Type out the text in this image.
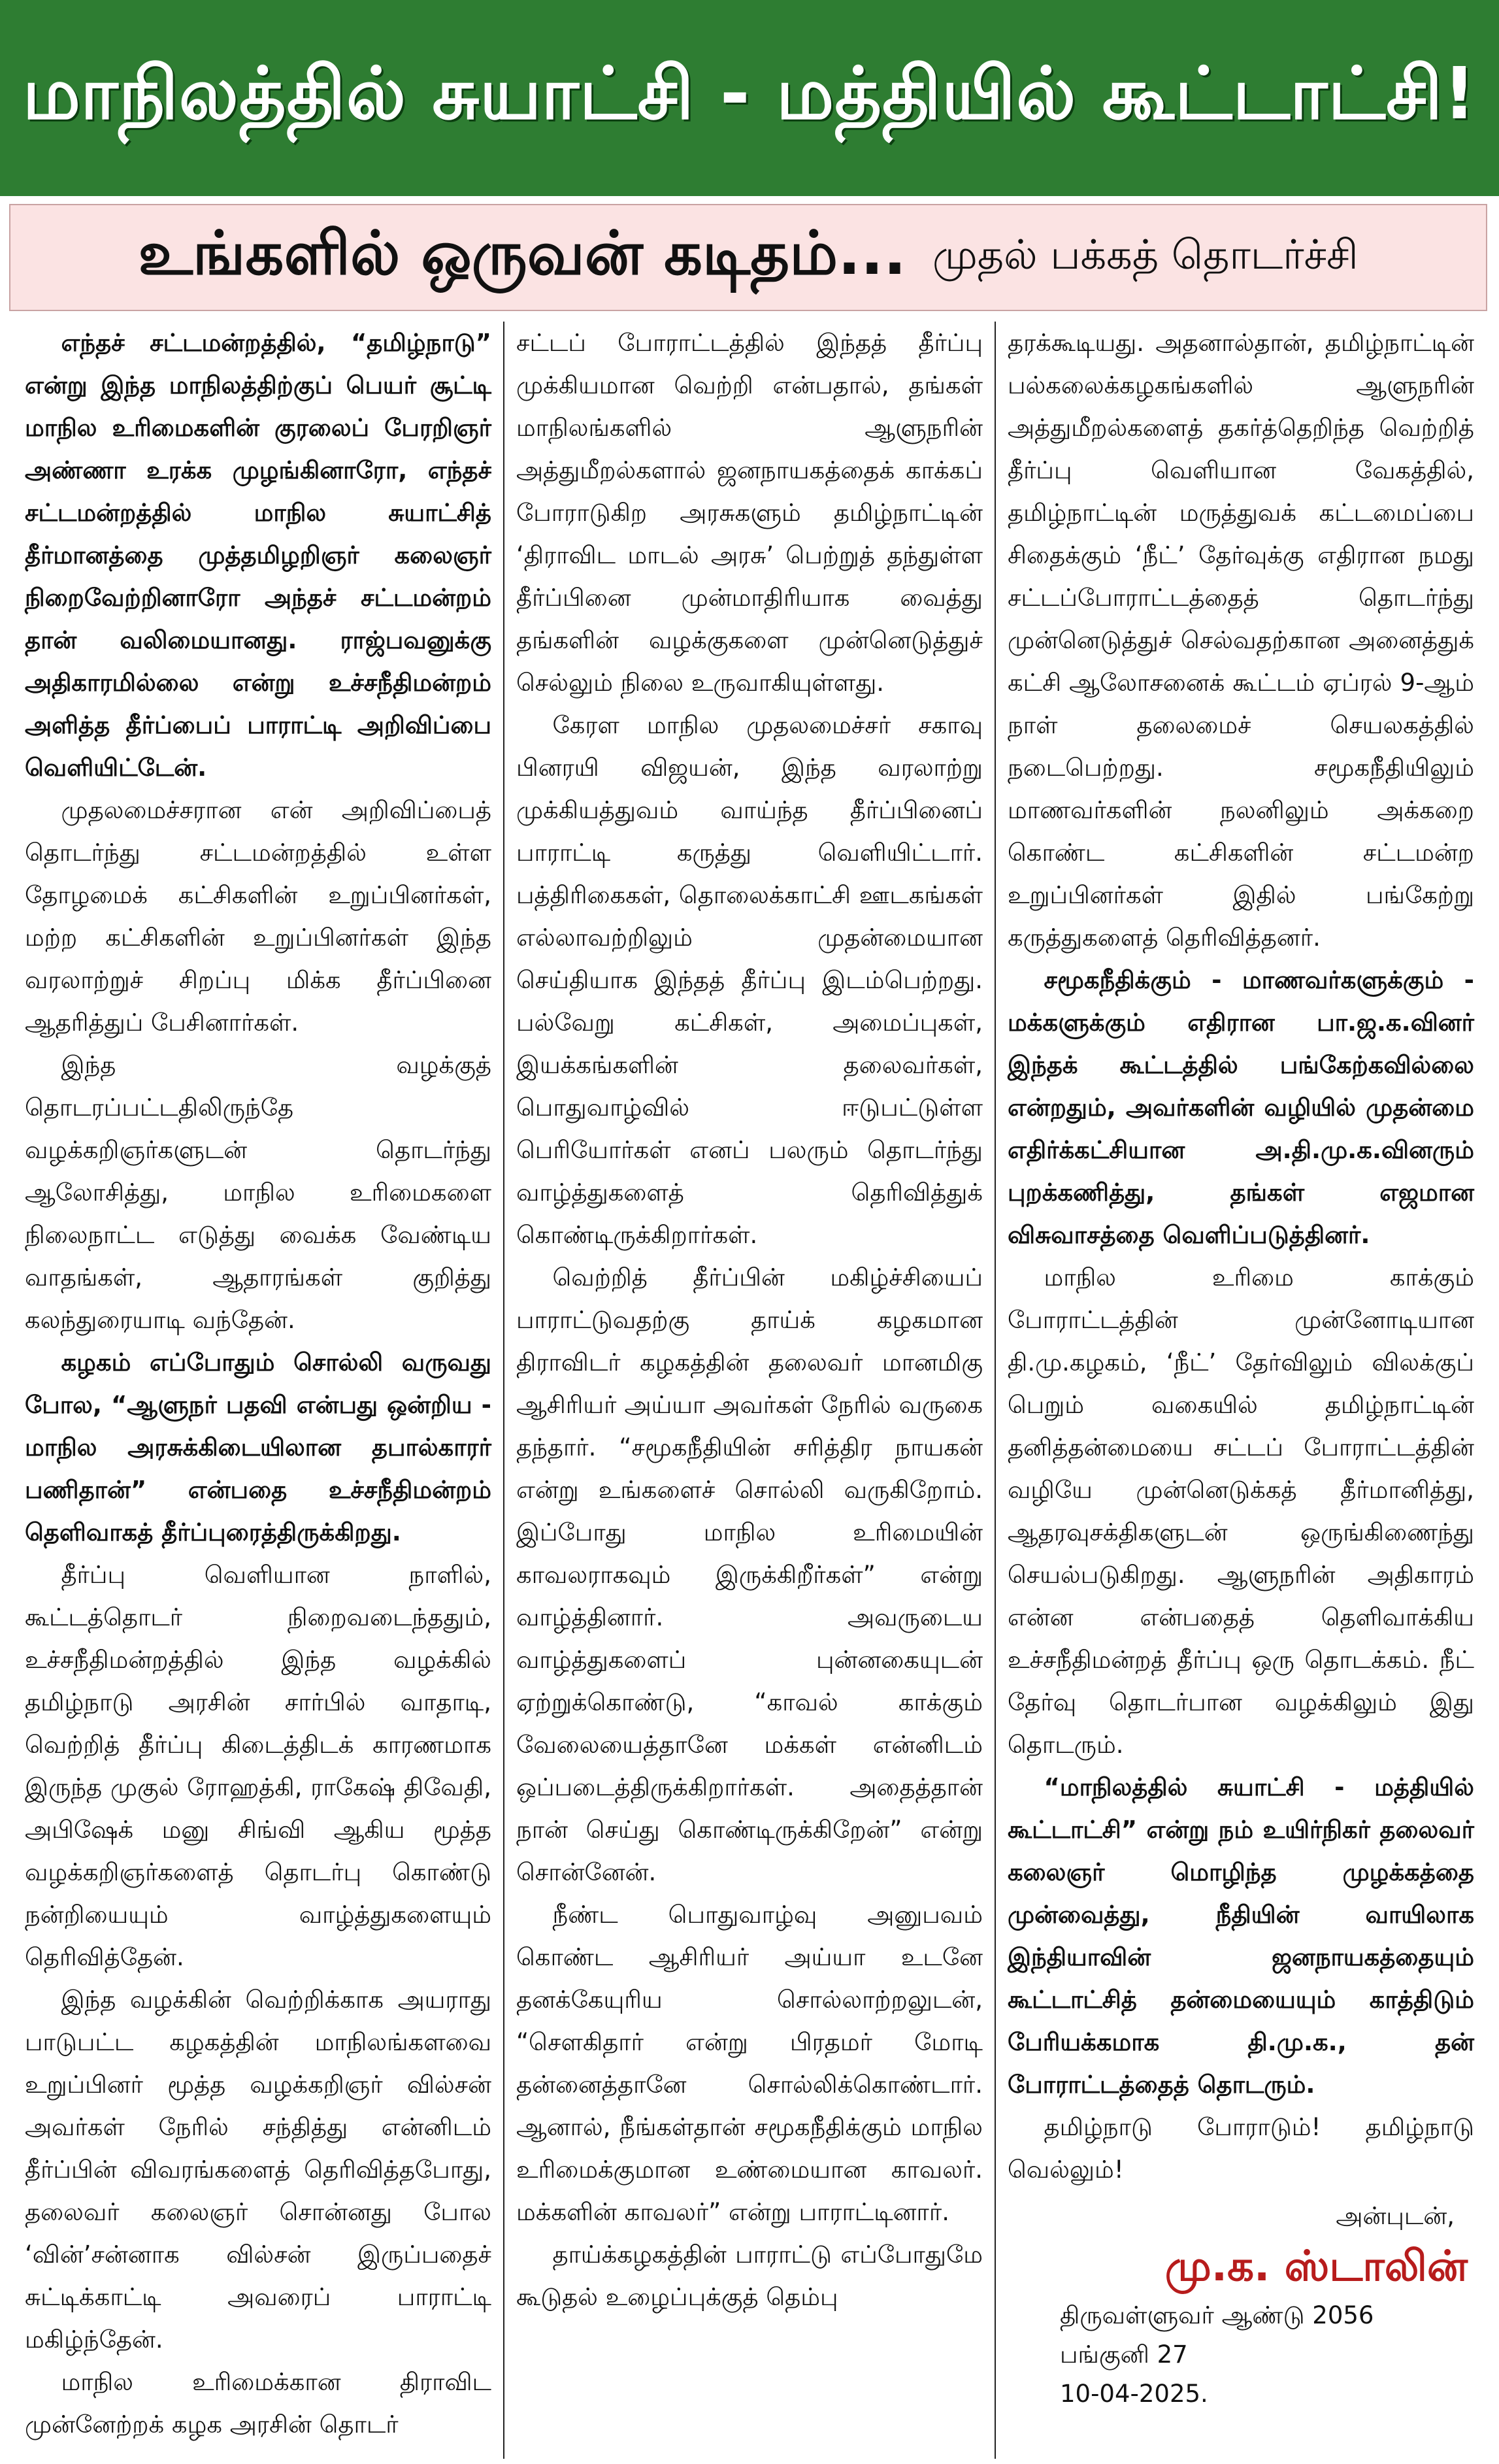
மாநிலத்தில் சுயாட்சி - மத்தியில் கூட்டாட்சி!
உங்களில் ஒருவன் கடிதம்... முதல் பக்கத் தொடர்ச்சி

எந்தச் சட்டமன்றத்தில், “தமிழ்நாடு” என்று இந்த மாநிலத்திற்குப் பெயர் சூட்டி மாநில உரிமைகளின் குரலைப் பேரறிஞர் அண்ணா உரக்க முழங்கினாரோ, எந்தச் சட்டமன்றத்தில் மாநில சுயாட்சித் தீர்மானத்தை முத்தமிழறிஞர் கலைஞர் நிறைவேற்றினாரோ அந்தச் சட்டமன்றம் தான் வலிமையானது. ராஜ்பவனுக்கு அதிகாரமில்லை என்று உச்சநீதிமன்றம் அளித்த தீர்ப்பைப் பாராட்டி அறிவிப்பை வெளியிட்டேன்.

முதலமைச்சரான என் அறிவிப்பைத் தொடர்ந்து சட்டமன்றத்தில் உள்ள தோழமைக் கட்சிகளின் உறுப்பினர்கள், மற்ற கட்சிகளின் உறுப்பினர்கள் இந்த வரலாற்றுச் சிறப்பு மிக்க தீர்ப்பினை ஆதரித்துப் பேசினார்கள்.

இந்த வழக்குத் தொடரப்பட்டதிலிருந்தே வழக்கறிஞர்களுடன் தொடர்ந்து ஆலோசித்து, மாநில உரிமைகளை நிலைநாட்ட எடுத்து வைக்க வேண்டிய வாதங்கள், ஆதாரங்கள் குறித்து கலந்துரையாடி வந்தேன்.

கழகம் எப்போதும் சொல்லி வருவது போல, “ஆளுநர் பதவி என்பது ஒன்றிய - மாநில அரசுக்கிடையிலான தபால்காரர் பணிதான்” என்பதை உச்சநீதிமன்றம் தெளிவாகத் தீர்ப்புரைத்திருக்கிறது.

தீர்ப்பு வெளியான நாளில், கூட்டத்தொடர் நிறைவடைந்ததும், உச்சநீதிமன்றத்தில் இந்த வழக்கில் தமிழ்நாடு அரசின் சார்பில் வாதாடி, வெற்றித் தீர்ப்பு கிடைத்திடக் காரணமாக இருந்த முகுல் ரோஹத்கி, ராகேஷ் திவேதி, அபிஷேக் மனு சிங்வி ஆகிய மூத்த வழக்கறிஞர்களைத் தொடர்பு கொண்டு நன்றியையும் வாழ்த்துகளையும் தெரிவித்தேன்.

இந்த வழக்கின் வெற்றிக்காக அயராது பாடுபட்ட கழகத்தின் மாநிலங்களவை உறுப்பினர் மூத்த வழக்கறிஞர் வில்சன் அவர்கள் நேரில் சந்தித்து என்னிடம் தீர்ப்பின் விவரங்களைத் தெரிவித்தபோது, தலைவர் கலைஞர் சொன்னது போல ‘வின்’சன்னாக வில்சன் இருப்பதைச் சுட்டிக்காட்டி அவரைப் பாராட்டி மகிழ்ந்தேன்.

மாநில உரிமைக்கான திராவிட முன்னேற்றக் கழக அரசின் தொடர்

சட்டப் போராட்டத்தில் இந்தத் தீர்ப்பு முக்கியமான வெற்றி என்பதால், தங்கள் மாநிலங்களில் ஆளுநரின் அத்துமீறல்களால் ஜனநாயகத்தைக் காக்கப் போராடுகிற அரசுகளும் தமிழ்நாட்டின் ‘திராவிட மாடல் அரசு’ பெற்றுத் தந்துள்ள தீர்ப்பினை முன்மாதிரியாக வைத்து தங்களின் வழக்குகளை முன்னெடுத்துச் செல்லும் நிலை உருவாகியுள்ளது.

கேரள மாநில முதலமைச்சர் சகாவு பினரயி விஜயன், இந்த வரலாற்று முக்கியத்துவம் வாய்ந்த தீர்ப்பினைப் பாராட்டி கருத்து வெளியிட்டார். பத்திரிகைகள், தொலைக்காட்சி ஊடகங்கள் எல்லாவற்றிலும் முதன்மையான செய்தியாக இந்தத் தீர்ப்பு இடம்பெற்றது. பல்வேறு கட்சிகள், அமைப்புகள், இயக்கங்களின் தலைவர்கள், பொதுவாழ்வில் ஈடுபட்டுள்ள பெரியோர்கள் எனப் பலரும் தொடர்ந்து வாழ்த்துகளைத் தெரிவித்துக் கொண்டிருக்கிறார்கள்.

வெற்றித் தீர்ப்பின் மகிழ்ச்சியைப் பாராட்டுவதற்கு தாய்க் கழகமான திராவிடர் கழகத்தின் தலைவர் மானமிகு ஆசிரியர் அய்யா அவர்கள் நேரில் வருகை தந்தார். “சமூகநீதியின் சரித்திர நாயகன் என்று உங்களைச் சொல்லி வருகிறோம். இப்போது மாநில உரிமையின் காவலராகவும் இருக்கிறீர்கள்” என்று வாழ்த்தினார். அவருடைய வாழ்த்துகளைப் புன்னகையுடன் ஏற்றுக்கொண்டு, “காவல் காக்கும் வேலையைத்தானே மக்கள் என்னிடம் ஒப்படைத்திருக்கிறார்கள். அதைத்தான் நான் செய்து கொண்டிருக்கிறேன்” என்று சொன்னேன்.

நீண்ட பொதுவாழ்வு அனுபவம் கொண்ட ஆசிரியர் அய்யா உடனே தனக்கேயுரிய சொல்லாற்றலுடன், “சௌகிதார் என்று பிரதமர் மோடி தன்னைத்தானே சொல்லிக்கொண்டார். ஆனால், நீங்கள்தான் சமூகநீதிக்கும் மாநில உரிமைக்குமான உண்மையான காவலர். மக்களின் காவலர்” என்று பாராட்டினார்.

தாய்க்கழகத்தின் பாராட்டு எப்போதுமே கூடுதல் உழைப்புக்குத் தெம்பு

தரக்கூடியது. அதனால்தான், தமிழ்நாட்டின் பல்கலைக்கழகங்களில் ஆளுநரின் அத்துமீறல்களைத் தகர்த்தெறிந்த வெற்றித் தீர்ப்பு வெளியான வேகத்தில், தமிழ்நாட்டின் மருத்துவக் கட்டமைப்பை சிதைக்கும் ‘நீட்’ தேர்வுக்கு எதிரான நமது சட்டப்போராட்டத்தைத் தொடர்ந்து முன்னெடுத்துச் செல்வதற்கான அனைத்துக் கட்சி ஆலோசனைக் கூட்டம் ஏப்ரல் 9-ஆம் நாள் தலைமைச் செயலகத்தில் நடைபெற்றது. சமூகநீதியிலும் மாணவர்களின் நலனிலும் அக்கறை கொண்ட கட்சிகளின் சட்டமன்ற உறுப்பினர்கள் இதில் பங்கேற்று கருத்துகளைத் தெரிவித்தனர்.

சமூகநீதிக்கும் - மாணவர்களுக்கும் - மக்களுக்கும் எதிரான பா.ஜ.க.வினர் இந்தக் கூட்டத்தில் பங்கேற்கவில்லை என்றதும், அவர்களின் வழியில் முதன்மை எதிர்க்கட்சியான அ.தி.மு.க.வினரும் புறக்கணித்து, தங்கள் எஜமான விசுவாசத்தை வெளிப்படுத்தினர்.

மாநில உரிமை காக்கும் போராட்டத்தின் முன்னோடியான தி.மு.கழகம், ‘நீட்’ தேர்விலும் விலக்குப் பெறும் வகையில் தமிழ்நாட்டின் தனித்தன்மையை சட்டப் போராட்டத்தின் வழியே முன்னெடுக்கத் தீர்மானித்து, ஆதரவுசக்திகளுடன் ஒருங்கிணைந்து செயல்படுகிறது. ஆளுநரின் அதிகாரம் என்ன என்பதைத் தெளிவாக்கிய உச்சநீதிமன்றத் தீர்ப்பு ஒரு தொடக்கம். நீட் தேர்வு தொடர்பான வழக்கிலும் இது தொடரும்.

“மாநிலத்தில் சுயாட்சி - மத்தியில் கூட்டாட்சி” என்று நம் உயிர்நிகர் தலைவர் கலைஞர் மொழிந்த முழக்கத்தை முன்வைத்து, நீதியின் வாயிலாக இந்தியாவின் ஜனநாயகத்தையும் கூட்டாட்சித் தன்மையையும் காத்திடும் பேரியக்கமாக தி.மு.க., தன் போராட்டத்தைத் தொடரும்.

தமிழ்நாடு போராடும்! தமிழ்நாடு வெல்லும்!

அன்புடன்,
மு.க. ஸ்டாலின்
திருவள்ளுவர் ஆண்டு 2056
பங்குனி 27
10-04-2025.
